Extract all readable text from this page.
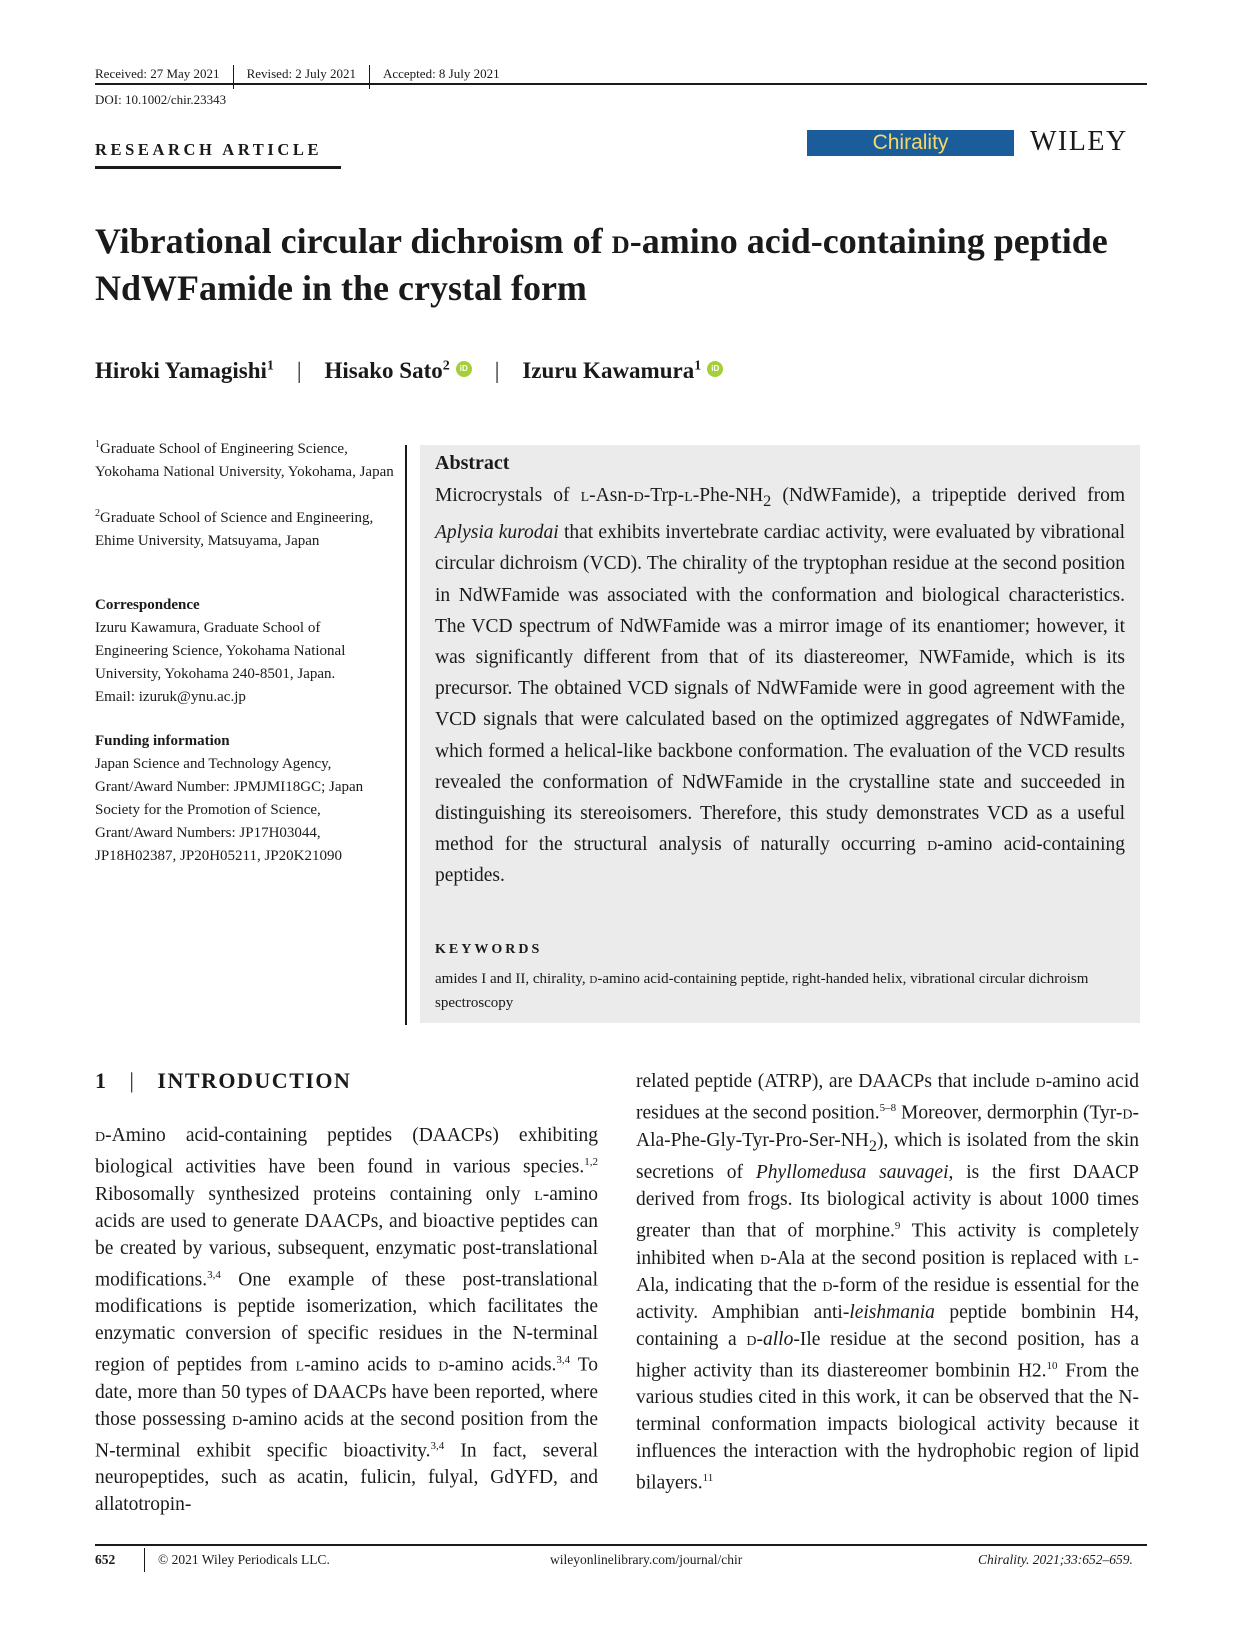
Received: 27 May 2021 Revised: 2 July 2021 Accepted: 8 July 2021
DOI: 10.1002/chir.23343
RESEARCH ARTICLE	Chirality	WILEY
Vibrational circular dichroism of d-amino acid-containing peptide NdWFamide in the crystal form
Hiroki Yamagishi$^1$ | Hisako Sato$^2$	iD | Izuru Kawamura$^1$	iD
$^1$Graduate School of Engineering Science, Yokohama National University, Yokohama, Japan
$^2$Graduate School of Science and Engineering, Ehime University, Matsuyama, Japan
Correspondence
Izuru Kawamura, Graduate School of Engineering Science, Yokohama National University, Yokohama 240-8501, Japan.
Email: izuruk@ynu.ac.jp
Funding information
Japan Science and Technology Agency, Grant/Award Number: JPMJMI18GC; Japan Society for the Promotion of Science, Grant/Award Numbers: JP17H03044, JP18H02387, JP20H05211, JP20K21090
Abstract
Microcrystals of $l-Asn-d-Trp-l-Phe-NH_2$ (NdWFamide), a tripeptide derived from Aplysia kurodai that exhibits invertebrate cardiac activity, were evaluated by vibrational circular dichroism (VCD). The chirality of the tryptophan residue at the second position in NdWFamide was associated with the conformation and biological characteristics. The VCD spectrum of NdWFamide was a mirror image of its enantiomer; however, it was significantly different from that of its diastereomer, NWFamide, which is its precursor. The obtained VCD signals of NdWFamide were in good agreement with the VCD signals that were calculated based on the optimized aggregates of NdWFamide, which formed a helical-like backbone conformation. The evaluation of the VCD results revealed the conformation of NdWFamide in the crystalline state and succeeded in distinguishing its stereoisomers. Therefore, this study demonstrates VCD as a useful method for the structural analysis of naturally occurring d-amino acid-containing peptides.
KEYWORDS
amides I and II, chirality, d-amino acid-containing peptide, right-handed helix, vibrational circular dichroism spectroscopy
1 | INTRODUCTION
d-Amino acid-containing peptides (DAACPs) exhibiting biological activities have been found in various species.$^{1,2}$ Ribosomally synthesized proteins containing only l-amino acids are used to generate DAACPs, and bioactive peptides can be created by various, subsequent, enzymatic post-translational modifications.$^{3,4}$ One example of these post-translational modifications is peptide isomerization, which facilitates the enzymatic conversion of specific residues in the N-terminal region of peptides from l-amino acids to d-amino acids.$^{3,4}$ To date, more than 50 types of DAACPs have been reported, where those possessing d-amino acids at the second position from the N-terminal exhibit specific bioactivity.$^{3,4}$ In fact, several neuropeptides, such as acatin, fulicin, fulyal, GdYFD, and allatotropin-
related peptide (ATRP), are DAACPs that include d-amino acid residues at the second position.$^{5-8}$ Moreover, dermorphin $(Tyr-d-Ala-Phe-Gly-Tyr-Pro-Ser-NH_2)$, which is isolated from the skin secretions of Phyllomedusa sauvagei, is the first DAACP derived from frogs. Its biological activity is about 1000 times greater than that of morphine.$^9$ This activity is completely inhibited when d-Ala at the second position is replaced with l-Ala, indicating that the d-form of the residue is essential for the activity. Amphibian anti-leishmania peptide bombinin H4, containing a d-allo-Ile residue at the second position, has a higher activity than its diastereomer bombinin H2.10 From the various studies cited in this work, it can be observed that the N-terminal conformation impacts biological activity because it influences the interaction with the hydrophobic region of lipid bilayers.$^{11}$
652	© 2021 Wiley Periodicals LLC.	wileyonlinelibrary.com/journal/chir	Chirality. 2021;33:652–659.
